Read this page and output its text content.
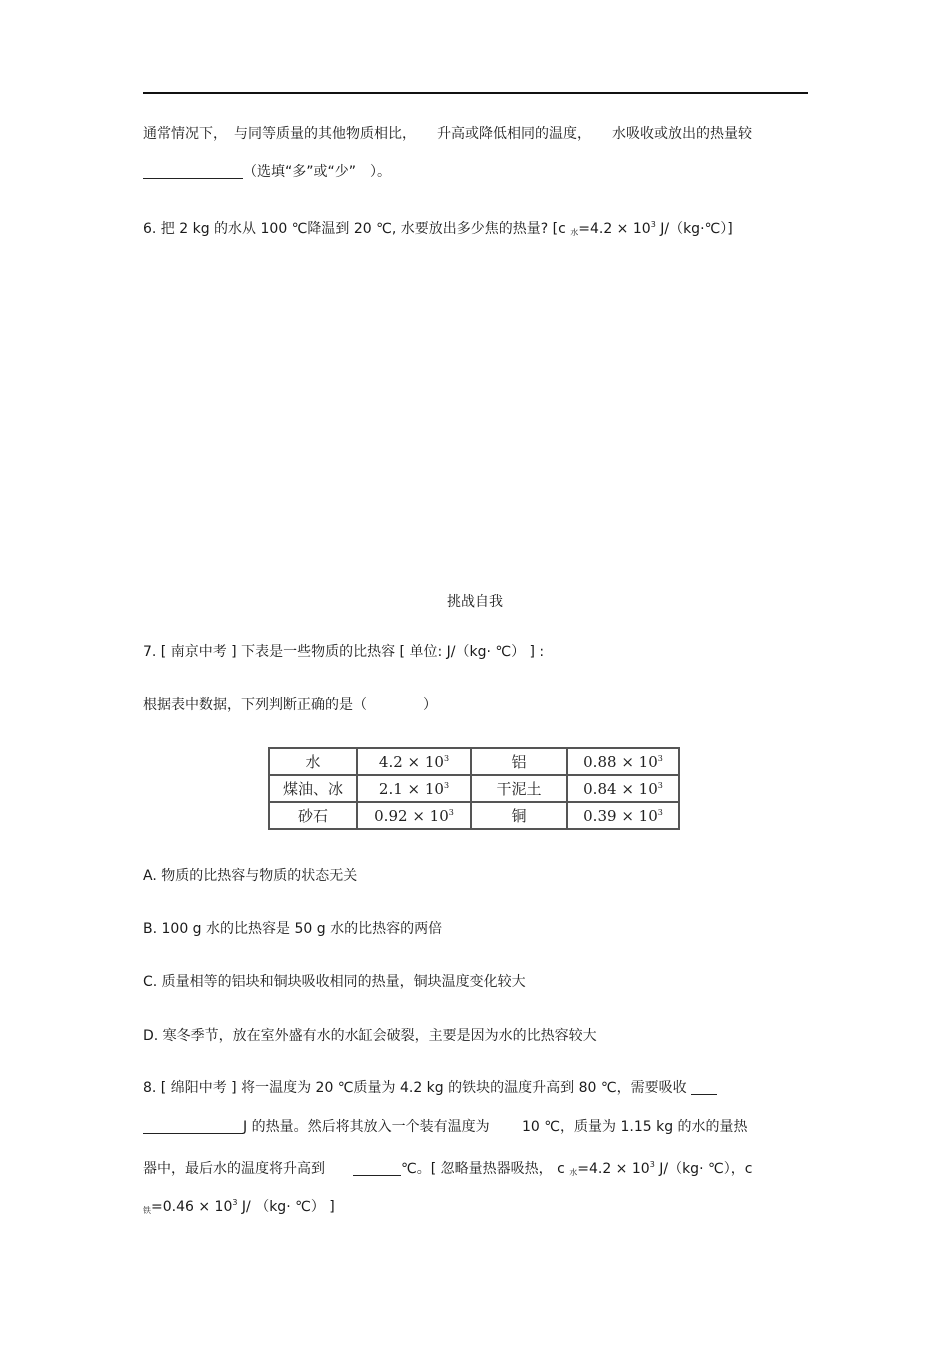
通常情况下，　与同等质量的其他物质相比，　　升高或降低相同的温度，　　水吸收或放出的热量较
（选填“多”或“少”　）。
6. 把 2 kg 的水从 100 ℃降温到 20 ℃, 水要放出多少焦的热量? [c $_水=4.2 \times 10^3$ J/（kg·℃）]
挑战自我
7. [ 南京中考 ] 下表是一些物质的比热容 [ 单位: J/（kg· ℃） ] :
根据表中数据，下列判断正确的是（　　　　）
水	$4.2 \times 10^3$	铝	$0.88 \times 10^3$
煤油、冰	$2.1 \times 10^3$	干泥土	$0.84 \times 10^3$
砂石	$0.92 \times 10^3$	铜	$0.39 \times 10^3$
A. 物质的比热容与物质的状态无关
B. 100 g 水的比热容是 50 g 水的比热容的两倍
C. 质量相等的铝块和铜块吸收相同的热量，铜块温度变化较大
D. 寒冬季节，放在室外盛有水的水缸会破裂，主要是因为水的比热容较大
8. [ 绵阳中考 ] 将一温度为 20 ℃质量为 4.2 kg 的铁块的温度升高到 80 ℃，需要吸收
J 的热量。然后将其放入一个装有温度为　　 10 ℃，质量为 1.15 kg 的水的量热
器中，最后水的温度将升高到　　	℃。[ 忽略量热器吸热， c $_水=4.2 \times 10^3$ J/（kg· ℃），c
$_铁=0.46 \times 10^3$ J/ （kg· ℃） ]
